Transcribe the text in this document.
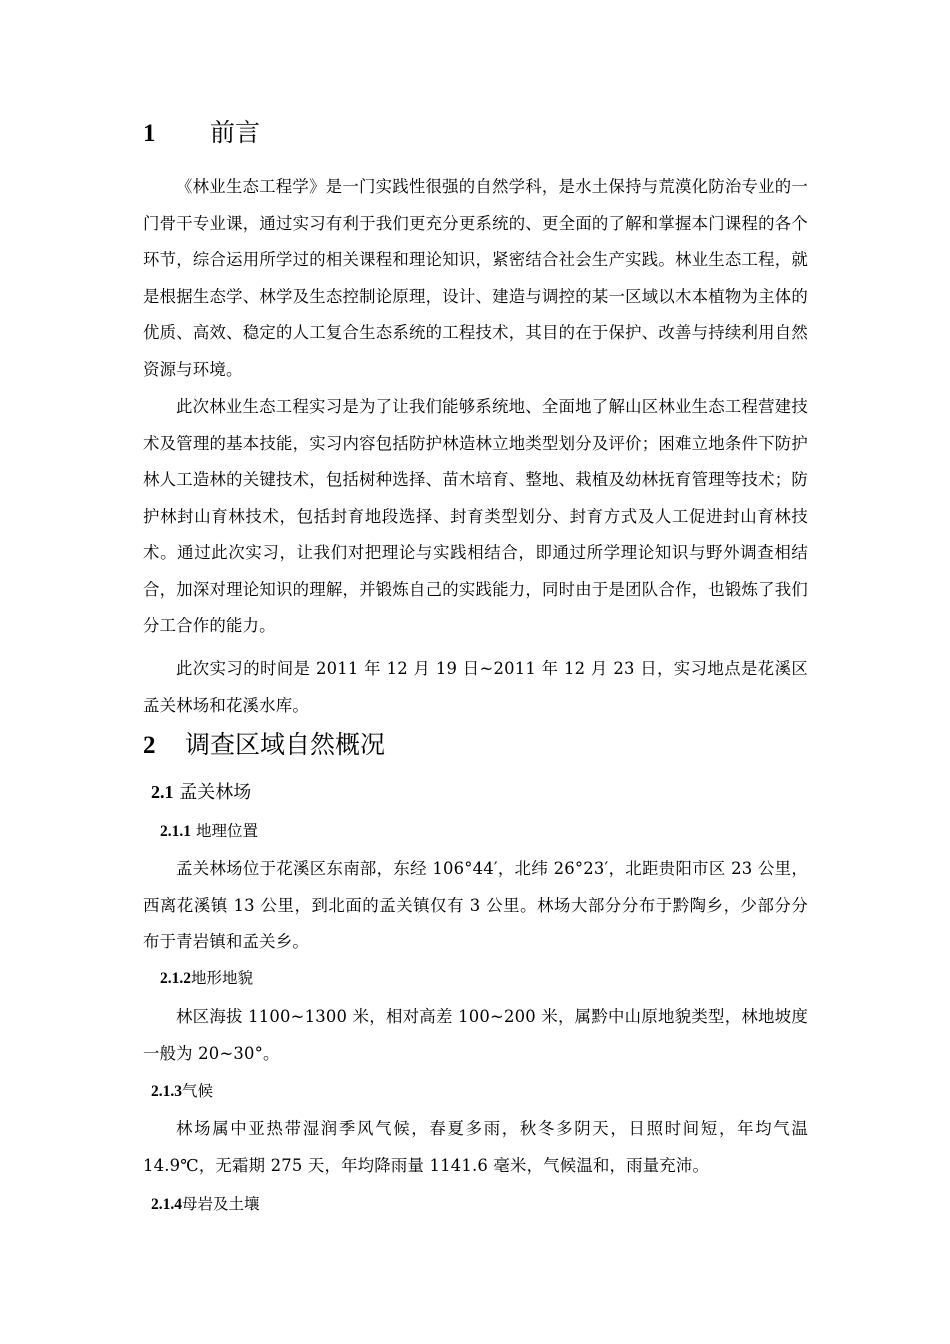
1 前言

《林业生态工程学》是一门实践性很强的自然学科，是水土保持与荒漠化防治专业的一门骨干专业课，通过实习有利于我们更充分更系统的、更全面的了解和掌握本门课程的各个环节，综合运用所学过的相关课程和理论知识，紧密结合社会生产实践。林业生态工程，就是根据生态学、林学及生态控制论原理，设计、建造与调控的某一区域以木本植物为主体的优质、高效、稳定的人工复合生态系统的工程技术，其目的在于保护、改善与持续利用自然资源与环境。

此次林业生态工程实习是为了让我们能够系统地、全面地了解山区林业生态工程营建技术及管理的基本技能，实习内容包括防护林造林立地类型划分及评价；困难立地条件下防护林人工造林的关键技术，包括树种选择、苗木培育、整地、栽植及幼林抚育管理等技术；防护林封山育林技术，包括封育地段选择、封育类型划分、封育方式及人工促进封山育林技术。通过此次实习，让我们对把理论与实践相结合，即通过所学理论知识与野外调查相结合，加深对理论知识的理解，并锻炼自己的实践能力，同时由于是团队合作，也锻炼了我们分工合作的能力。

此次实习的时间是 2011 年 12 月 19 日~2011 年 12 月 23 日，实习地点是花溪区孟关林场和花溪水库。

2 调查区域自然概况
2.1 孟关林场
2.1.1 地理位置

孟关林场位于花溪区东南部，东经 106°44′，北纬 26°23′，北距贵阳市区 23 公里，西离花溪镇 13 公里，到北面的孟关镇仅有 3 公里。林场大部分分布于黔陶乡，少部分分布于青岩镇和孟关乡。

2.1.2地形地貌

林区海拔 1100~1300 米，相对高差 100~200 米，属黔中山原地貌类型，林地坡度一般为 20~30°。

2.1.3气候

林场属中亚热带湿润季风气候，春夏多雨，秋冬多阴天，日照时间短，年均气温 14.9℃，无霜期 275 天，年均降雨量 1141.6 毫米，气候温和，雨量充沛。

2.1.4母岩及土壤
